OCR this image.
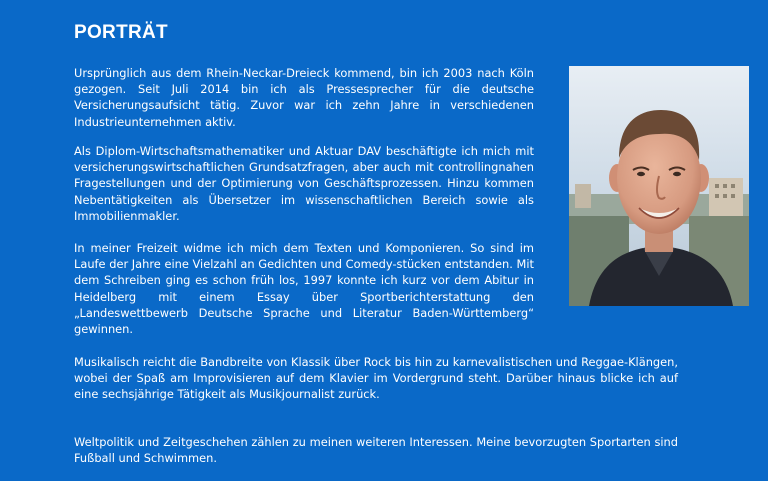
PORTRÄT

Ursprünglich aus dem Rhein-Neckar-Dreieck kommend, bin ich 2003 nach Köln gezogen. Seit Juli 2014 bin ich als Pressesprecher für die deutsche Versicherungsaufsicht tätig. Zuvor war ich zehn Jahre in verschiedenen Industrieunternehmen aktiv.

Als Diplom-Wirtschaftsmathematiker und Aktuar DAV beschäftigte ich mich mit versicherungswirtschaftlichen Grundsatzfragen, aber auch mit controllingnahen Fragestellungen und der Optimierung von Geschäftsprozessen. Hinzu kommen Nebentätigkeiten als Übersetzer im wissenschaftlichen Bereich sowie als Immobilienmakler.

In meiner Freizeit widme ich mich dem Texten und Komponieren. So sind im Laufe der Jahre eine Vielzahl an Gedichten und Comedy-stücken entstanden. Mit dem Schreiben ging es schon früh los, 1997 konnte ich kurz vor dem Abitur in Heidelberg mit einem Essay über Sportberichterstattung den „Landeswettbewerb Deutsche Sprache und Literatur Baden-Württemberg“ gewinnen.

Musikalisch reicht die Bandbreite von Klassik über Rock bis hin zu karnevalistischen und Reggae-Klängen, wobei der Spaß am Improvisieren auf dem Klavier im Vordergrund steht. Darüber hinaus blicke ich auf eine sechsjährige Tätigkeit als Musikjournalist zurück.

Weltpolitik und Zeitgeschehen zählen zu meinen weiteren Interessen. Meine bevorzugten Sportarten sind Fußball und Schwimmen.
